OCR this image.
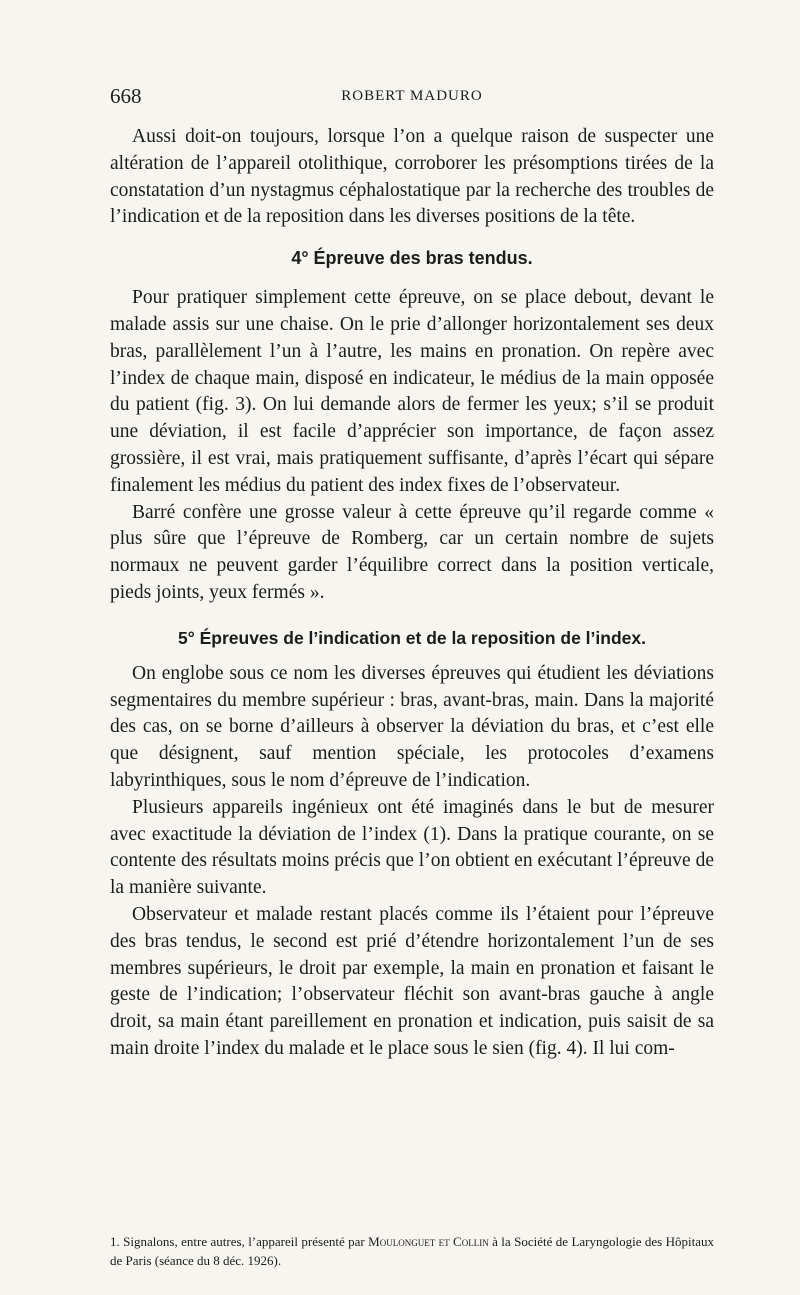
668	ROBERT MADURO

Aussi doit-on toujours, lorsque l’on a quelque raison de suspecter une altération de l’appareil otolithique, corroborer les présomptions tirées de la constatation d’un nystagmus céphalostatique par la recherche des troubles de l’indication et de la reposition dans les diverses positions de la tête.

4° Épreuve des bras tendus.

Pour pratiquer simplement cette épreuve, on se place debout, devant le malade assis sur une chaise. On le prie d’allonger horizontalement ses deux bras, parallèlement l’un à l’autre, les mains en pronation. On repère avec l’index de chaque main, disposé en indicateur, le médius de la main opposée du patient (fig. 3). On lui demande alors de fermer les yeux; s’il se produit une déviation, il est facile d’apprécier son importance, de façon assez grossière, il est vrai, mais pratiquement suffisante, d’après l’écart qui sépare finalement les médius du patient des index fixes de l’observateur.

Barré confère une grosse valeur à cette épreuve qu’il regarde comme « plus sûre que l’épreuve de Romberg, car un certain nombre de sujets normaux ne peuvent garder l’équilibre correct dans la position verticale, pieds joints, yeux fermés ».

5° Épreuves de l’indication et de la reposition de l’index.

On englobe sous ce nom les diverses épreuves qui étudient les déviations segmentaires du membre supérieur : bras, avant-bras, main. Dans la majorité des cas, on se borne d’ailleurs à observer la déviation du bras, et c’est elle que désignent, sauf mention spéciale, les protocoles d’examens labyrinthiques, sous le nom d’épreuve de l’indication.

Plusieurs appareils ingénieux ont été imaginés dans le but de mesurer avec exactitude la déviation de l’index (1). Dans la pratique courante, on se contente des résultats moins précis que l’on obtient en exécutant l’épreuve de la manière suivante.

Observateur et malade restant placés comme ils l’étaient pour l’épreuve des bras tendus, le second est prié d’étendre horizontalement l’un de ses membres supérieurs, le droit par exemple, la main en pronation et faisant le geste de l’indication; l’observateur fléchit son avant-bras gauche à angle droit, sa main étant pareillement en pronation et indication, puis saisit de sa main droite l’index du malade et le place sous le sien (fig. 4). Il lui com-

1. Signalons, entre autres, l’appareil présenté par Moulonguet et Collin à la Société de Laryngologie des Hôpitaux de Paris (séance du 8 déc. 1926).
